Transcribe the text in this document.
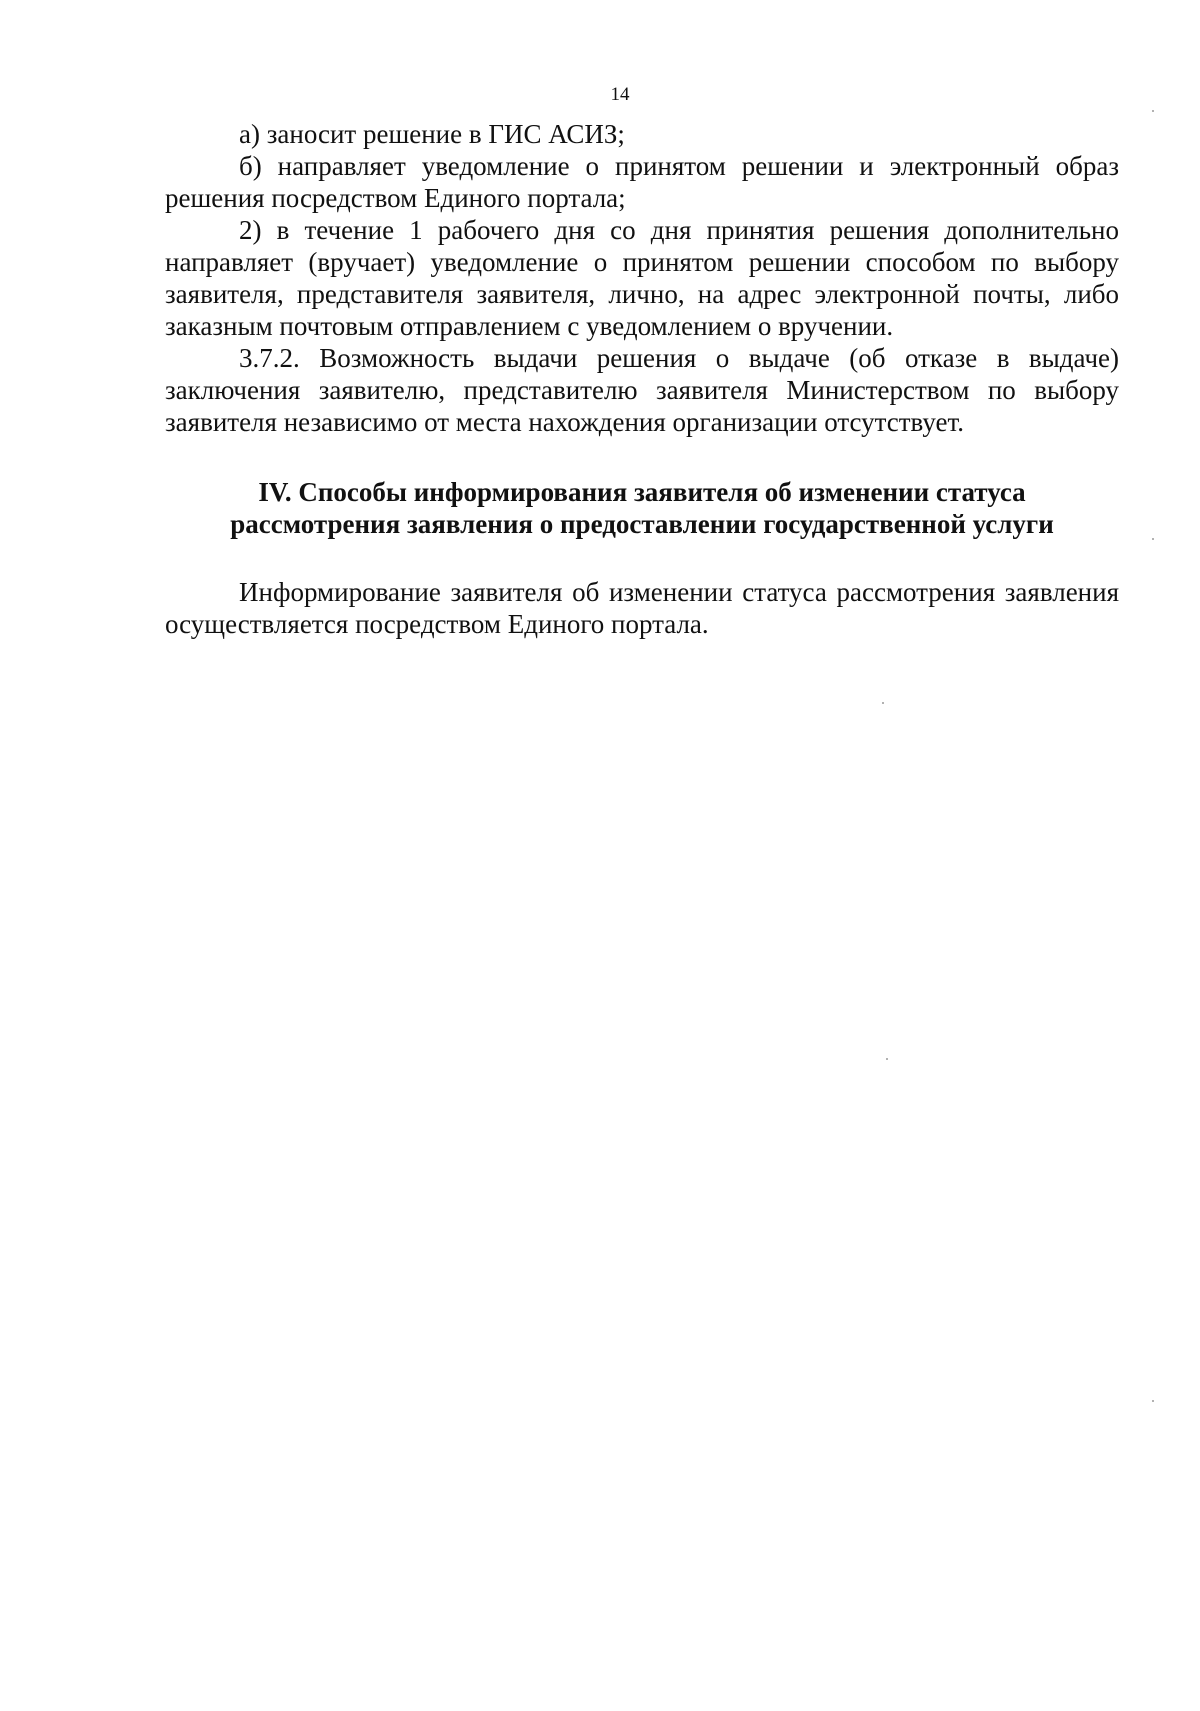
14

а) заносит решение в ГИС АСИЗ;

б) направляет уведомление о принятом решении и электронный образ решения посредством Единого портала;

2) в течение 1 рабочего дня со дня принятия решения дополнительно направляет (вручает) уведомление о принятом решении способом по выбору заявителя, представителя заявителя, лично, на адрес электронной почты, либо заказным почтовым отправлением с уведомлением о вручении.

3.7.2. Возможность выдачи решения о выдаче (об отказе в выдаче) заключения заявителю, представителю заявителя Министерством по выбору заявителя независимо от места нахождения организации отсутствует.

IV. Способы информирования заявителя об изменении статуса
рассмотрения заявления о предоставлении государственной услуги

Информирование заявителя об изменении статуса рассмотрения заявления осуществляется посредством Единого портала.
